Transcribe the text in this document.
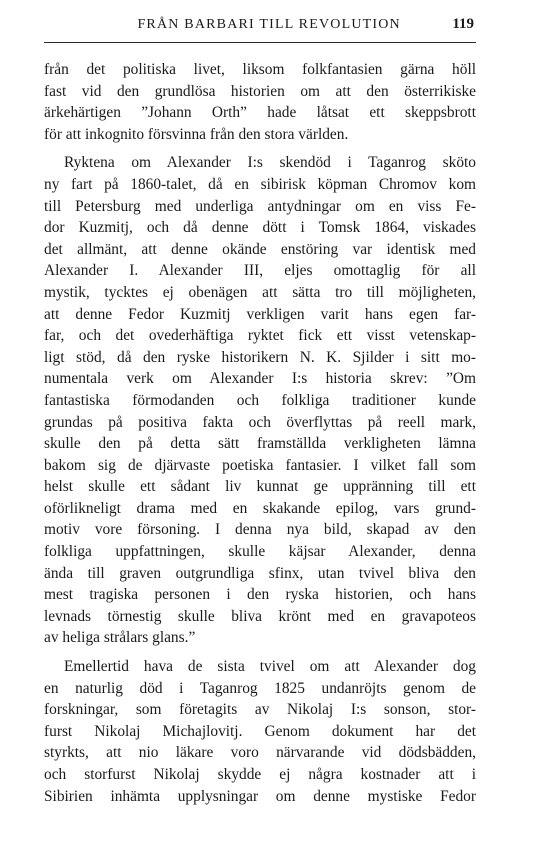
FRÅN BARBARI TILL REVOLUTION	119
från det politiska livet, liksom folkfantasien gärna höll
fast vid den grundlösa historien om att den österrikiske
ärkehärtigen ”Johann Orth” hade låtsat ett skeppsbrott
för att inkognito försvinna från den stora världen.
Ryktena om Alexander I:s skendöd i Taganrog sköto
ny fart på 1860-talet, då en sibirisk köpman Chromov kom
till Petersburg med underliga antydningar om en viss Fe-
dor Kuzmitj, och då denne dött i Tomsk 1864, viskades
det allmänt, att denne okände enstöring var identisk med
Alexander I. Alexander III, eljes omottaglig för all
mystik, tycktes ej obenägen att sätta tro till möjligheten,
att denne Fedor Kuzmitj verkligen varit hans egen far-
far, och det ovederhäftiga ryktet fick ett visst vetenskap-
ligt stöd, då den ryske historikern N. K. Sjilder i sitt mo-
numentala verk om Alexander I:s historia skrev: ”Om
fantastiska förmodanden och folkliga traditioner kunde
grundas på positiva fakta och överflyttas på reell mark,
skulle den på detta sätt framställda verkligheten lämna
bakom sig de djärvaste poetiska fantasier. I vilket fall som
helst skulle ett sådant liv kunnat ge uppränning till ett
oförlikneligt drama med en skakande epilog, vars grund-
motiv vore försoning. I denna nya bild, skapad av den
folkliga uppfattningen, skulle käjsar Alexander, denna
ända till graven outgrundliga sfinx, utan tvivel bliva den
mest tragiska personen i den ryska historien, och hans
levnads törnestig skulle bliva krönt med en gravapoteos
av heliga strålars glans.”
Emellertid hava de sista tvivel om att Alexander dog
en naturlig död i Taganrog 1825 undanröjts genom de
forskningar, som företagits av Nikolaj I:s sonson, stor-
furst Nikolaj Michajlovitj. Genom dokument har det
styrkts, att nio läkare voro närvarande vid dödsbädden,
och storfurst Nikolaj skydde ej några kostnader att i
Sibirien inhämta upplysningar om denne mystiske Fedor
